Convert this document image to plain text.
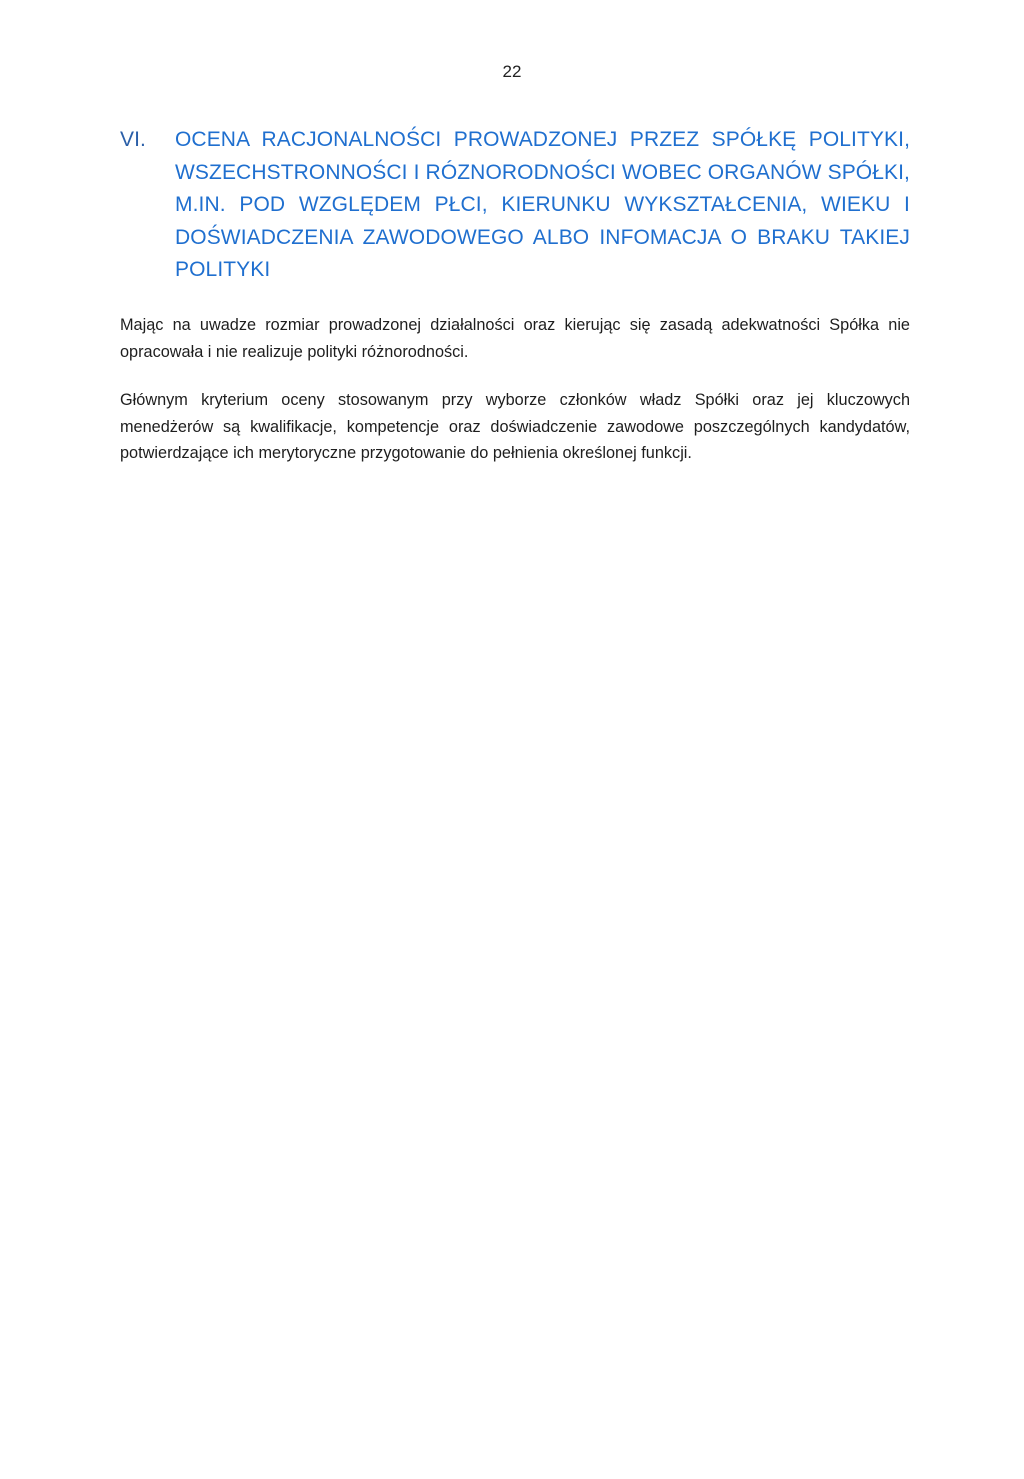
22
VI.	OCENA RACJONALNOŚCI PROWADZONEJ PRZEZ SPÓŁKĘ POLITYKI, WSZECHSTRONNOŚCI I RÓZNORODNOŚCI WOBEC ORGANÓW SPÓŁKI, M.IN. POD WZGLĘDEM PŁCI, KIERUNKU WYKSZTAŁCENIA, WIEKU I DOŚWIADCZENIA ZAWODOWEGO ALBO INFOMACJA O BRAKU TAKIEJ POLITYKI

Mając na uwadze rozmiar prowadzonej działalności oraz kierując się zasadą adekwatności Spółka nie opracowała i nie realizuje polityki różnorodności.

Głównym kryterium oceny stosowanym przy wyborze członków władz Spółki oraz jej kluczowych menedżerów są kwalifikacje, kompetencje oraz doświadczenie zawodowe poszczególnych kandydatów, potwierdzające ich merytoryczne przygotowanie do pełnienia określonej funkcji.
